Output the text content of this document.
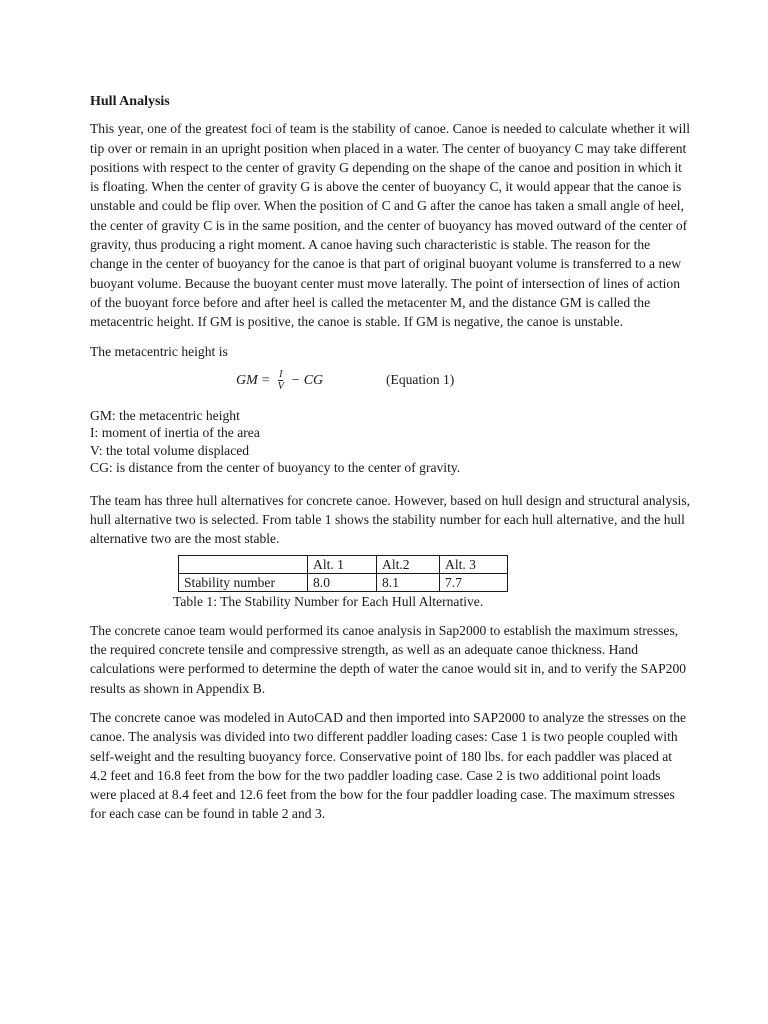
Hull Analysis

This year, one of the greatest foci of team is the stability of canoe. Canoe is needed to calculate whether it will tip over or remain in an upright position when placed in a water. The center of buoyancy C may take different positions with respect to the center of gravity G depending on the shape of the canoe and position in which it is floating. When the center of gravity G is above the center of buoyancy C, it would appear that the canoe is unstable and could be flip over. When the position of C and G after the canoe has taken a small angle of heel, the center of gravity C is in the same position, and the center of buoyancy has moved outward of the center of gravity, thus producing a right moment. A canoe having such characteristic is stable. The reason for the change in the center of buoyancy for the canoe is that part of original buoyant volume is transferred to a new buoyant volume. Because the buoyant center must move laterally. The point of intersection of lines of action of the buoyant force before and after heel is called the metacenter M, and the distance GM is called the metacentric height. If GM is positive, the canoe is stable. If GM is negative, the canoe is unstable.

The metacentric height is

GM = $\frac{I}{V}$ − CG	(Equation 1)
GM: the metacentric height
I: moment of inertia of the area
V: the total volume displaced
CG: is distance from the center of buoyancy to the center of gravity.

The team has three hull alternatives for concrete canoe. However, based on hull design and structural analysis, hull alternative two is selected. From table 1 shows the stability number for each hull alternative, and the hull alternative two are the most stable.

	Alt. 1	Alt.2	Alt. 3
Stability number	8.0	8.1	7.7
Table 1: The Stability Number for Each Hull Alternative.

The concrete canoe team would performed its canoe analysis in Sap2000 to establish the maximum stresses, the required concrete tensile and compressive strength, as well as an adequate canoe thickness. Hand calculations were performed to determine the depth of water the canoe would sit in, and to verify the SAP200 results as shown in Appendix B.

The concrete canoe was modeled in AutoCAD and then imported into SAP2000 to analyze the stresses on the canoe. The analysis was divided into two different paddler loading cases: Case 1 is two people coupled with self-weight and the resulting buoyancy force. Conservative point of 180 lbs. for each paddler was placed at 4.2 feet and 16.8 feet from the bow for the two paddler loading case. Case 2 is two additional point loads were placed at 8.4 feet and 12.6 feet from the bow for the four paddler loading case. The maximum stresses for each case can be found in table 2 and 3.
